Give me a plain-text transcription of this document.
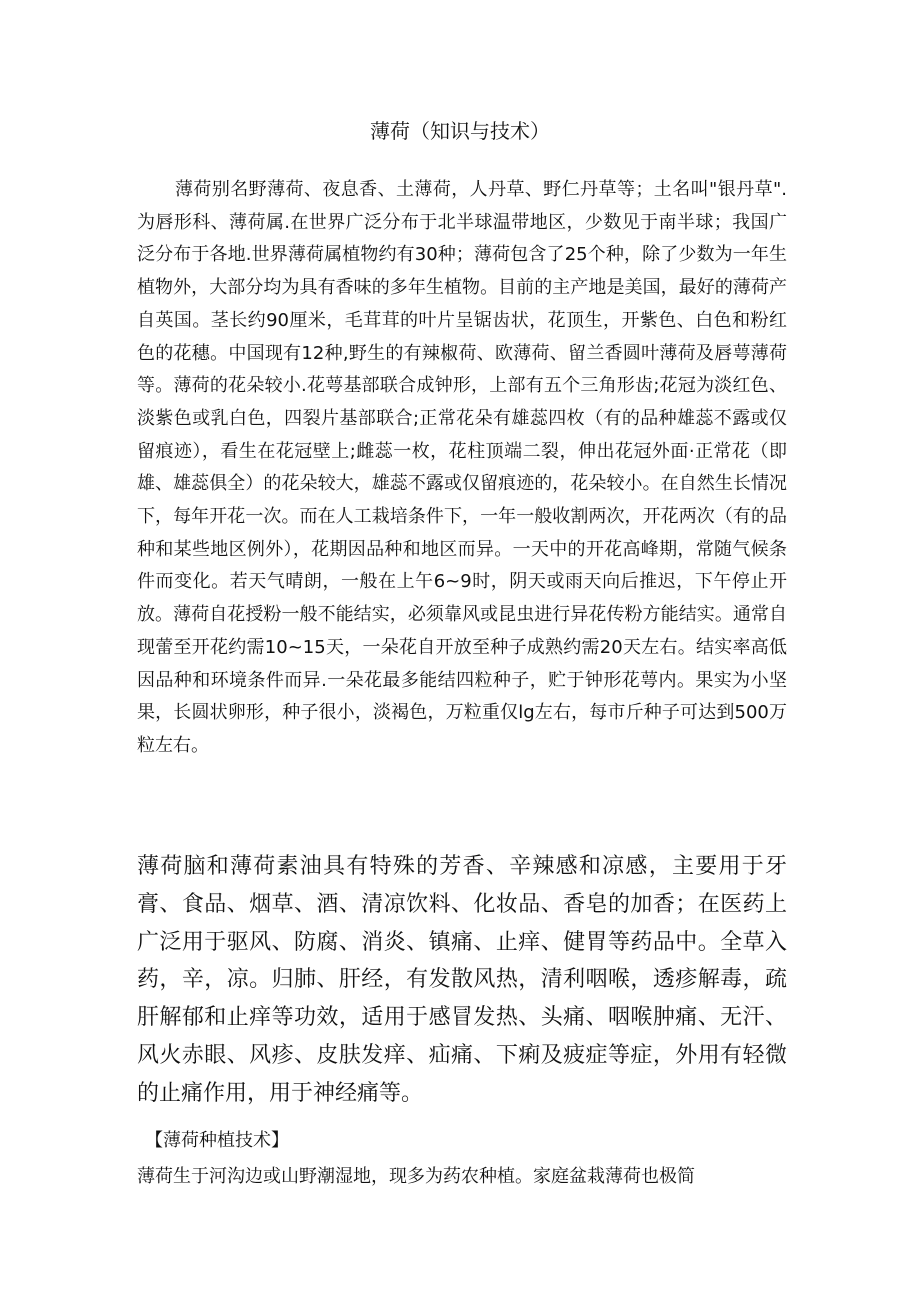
薄荷（知识与技术）

薄荷别名野薄荷、夜息香、土薄荷，人丹草、野仁丹草等；土名叫"银丹草".为唇形科、薄荷属.在世界广泛分布于北半球温带地区，少数见于南半球；我国广泛分布于各地.世界薄荷属植物约有30种；薄荷包含了25个种，除了少数为一年生植物外，大部分均为具有香味的多年生植物。目前的主产地是美国，最好的薄荷产自英国。茎长约90厘米，毛茸茸的叶片呈锯齿状，花顶生，开紫色、白色和粉红色的花穗。中国现有12种,野生的有辣椒荷、欧薄荷、留兰香圆叶薄荷及唇萼薄荷等。薄荷的花朵较小.花萼基部联合成钟形，上部有五个三角形齿;花冠为淡红色、淡紫色或乳白色，四裂片基部联合;正常花朵有雄蕊四枚（有的品种雄蕊不露或仅留痕迹），看生在花冠壁上;雌蕊一枚，花柱顶端二裂，伸出花冠外面·正常花（即雄、雄蕊俱全）的花朵较大，雄蕊不露或仅留痕迹的，花朵较小。在自然生长情况下，每年开花一次。而在人工栽培条件下，一年一般收割两次，开花两次（有的品种和某些地区例外），花期因品种和地区而异。一天中的开花高峰期，常随气候条件而变化。若天气晴朗，一般在上午6~9时，阴天或雨天向后推迟，下午停止开放。薄荷自花授粉一般不能结实，必须靠风或昆虫进行异花传粉方能结实。通常自现蕾至开花约需10~15天，一朵花自开放至种子成熟约需20天左右。结实率高低因品种和环境条件而异.一朵花最多能结四粒种子，贮于钟形花萼内。果实为小坚果，长圆状卵形，种子很小，淡褐色，万粒重仅lg左右，每市斤种子可达到500万粒左右。

薄荷脑和薄荷素油具有特殊的芳香、辛辣感和凉感，主要用于牙膏、食品、烟草、酒、清凉饮料、化妆品、香皂的加香；在医药上广泛用于驱风、防腐、消炎、镇痛、止痒、健胃等药品中。全草入药，辛，凉。归肺、肝经，有发散风热，清利咽喉，透疹解毒，疏肝解郁和止痒等功效，适用于感冒发热、头痛、咽喉肿痛、无汗、风火赤眼、风疹、皮肤发痒、疝痛、下痢及疲症等症，外用有轻微的止痛作用，用于神经痛等。

【薄荷种植技术】

薄荷生于河沟边或山野潮湿地，现多为药农种植。家庭盆栽薄荷也极简
